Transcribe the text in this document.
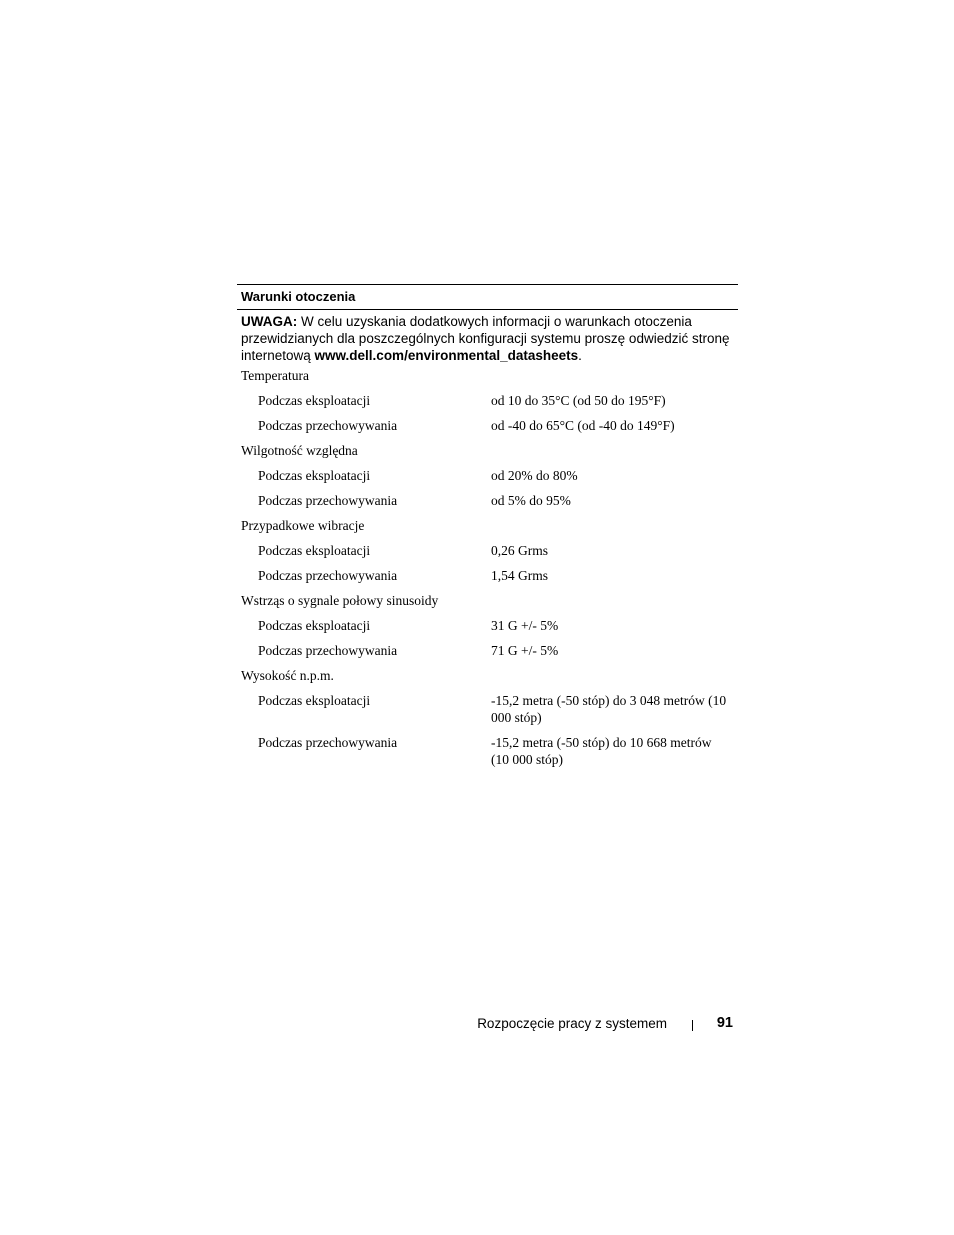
Warunki otoczenia
UWAGA: W celu uzyskania dodatkowych informacji o warunkach otoczenia przewidzianych dla poszczególnych konfiguracji systemu proszę odwiedzić stronę internetową www.dell.com/environmental_datasheets.
Temperatura
Podczas eksploatacji	od 10 do 35°C (od 50 do 195°F)
Podczas przechowywania	od -40 do 65°C (od -40 do 149°F)
Wilgotność względna
Podczas eksploatacji	od 20% do 80%
Podczas przechowywania	od 5% do 95%
Przypadkowe wibracje
Podczas eksploatacji	0,26 Grms
Podczas przechowywania	1,54 Grms
Wstrząs o sygnale połowy sinusoidy
Podczas eksploatacji	31 G +/- 5%
Podczas przechowywania	71 G +/- 5%
Wysokość n.p.m.
Podczas eksploatacji	-15,2 metra (-50 stóp) do 3 048 metrów (10 000 stóp)
Podczas przechowywania	-15,2 metra (-50 stóp) do 10 668 metrów (10 000 stóp)
Rozpoczęcie pracy z systemem	91
